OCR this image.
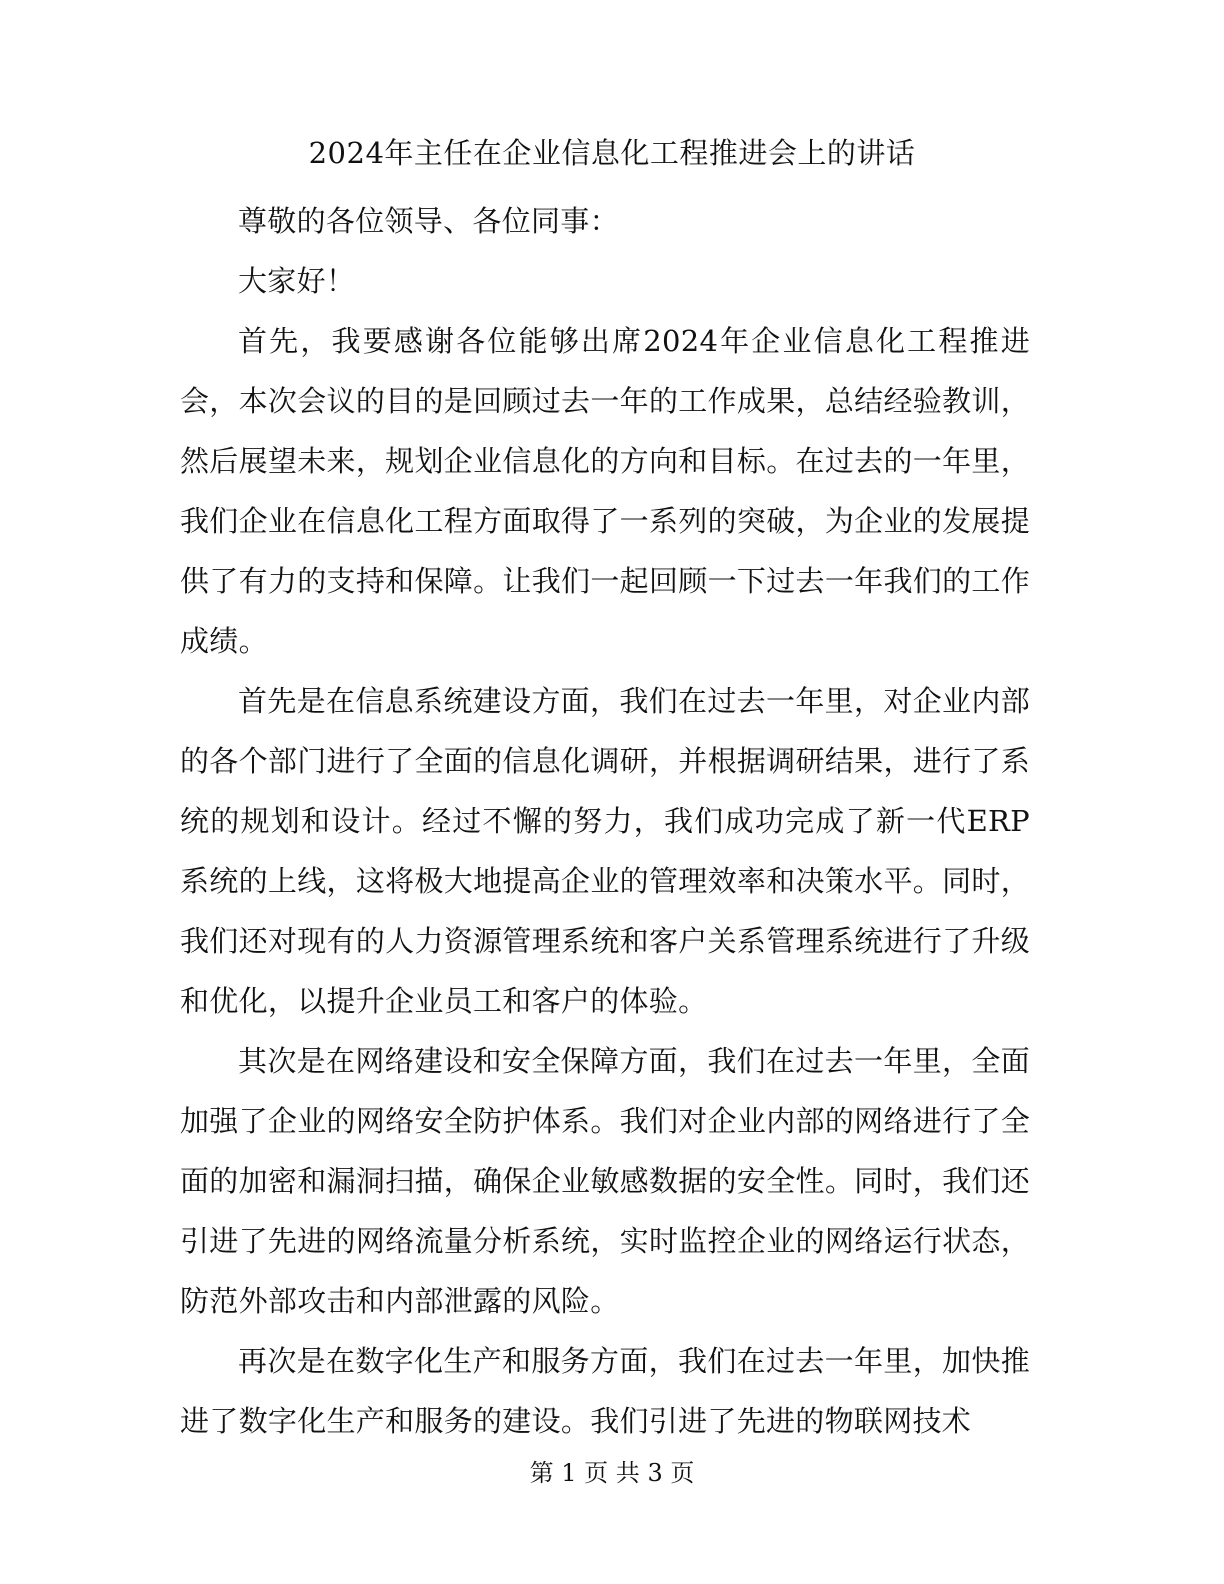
2024年主任在企业信息化工程推进会上的讲话

尊敬的各位领导、各位同事：

大家好！

首先，我要感谢各位能够出席2024年企业信息化工程推进会，本次会议的目的是回顾过去一年的工作成果，总结经验教训，然后展望未来，规划企业信息化的方向和目标。在过去的一年里，我们企业在信息化工程方面取得了一系列的突破，为企业的发展提供了有力的支持和保障。让我们一起回顾一下过去一年我们的工作成绩。

首先是在信息系统建设方面，我们在过去一年里，对企业内部的各个部门进行了全面的信息化调研，并根据调研结果，进行了系统的规划和设计。经过不懈的努力，我们成功完成了新一代ERP系统的上线，这将极大地提高企业的管理效率和决策水平。同时，我们还对现有的人力资源管理系统和客户关系管理系统进行了升级和优化，以提升企业员工和客户的体验。

其次是在网络建设和安全保障方面，我们在过去一年里，全面加强了企业的网络安全防护体系。我们对企业内部的网络进行了全面的加密和漏洞扫描，确保企业敏感数据的安全性。同时，我们还引进了先进的网络流量分析系统，实时监控企业的网络运行状态，防范外部攻击和内部泄露的风险。

再次是在数字化生产和服务方面，我们在过去一年里，加快推进了数字化生产和服务的建设。我们引进了先进的物联网技术

第 1 页 共 3 页
